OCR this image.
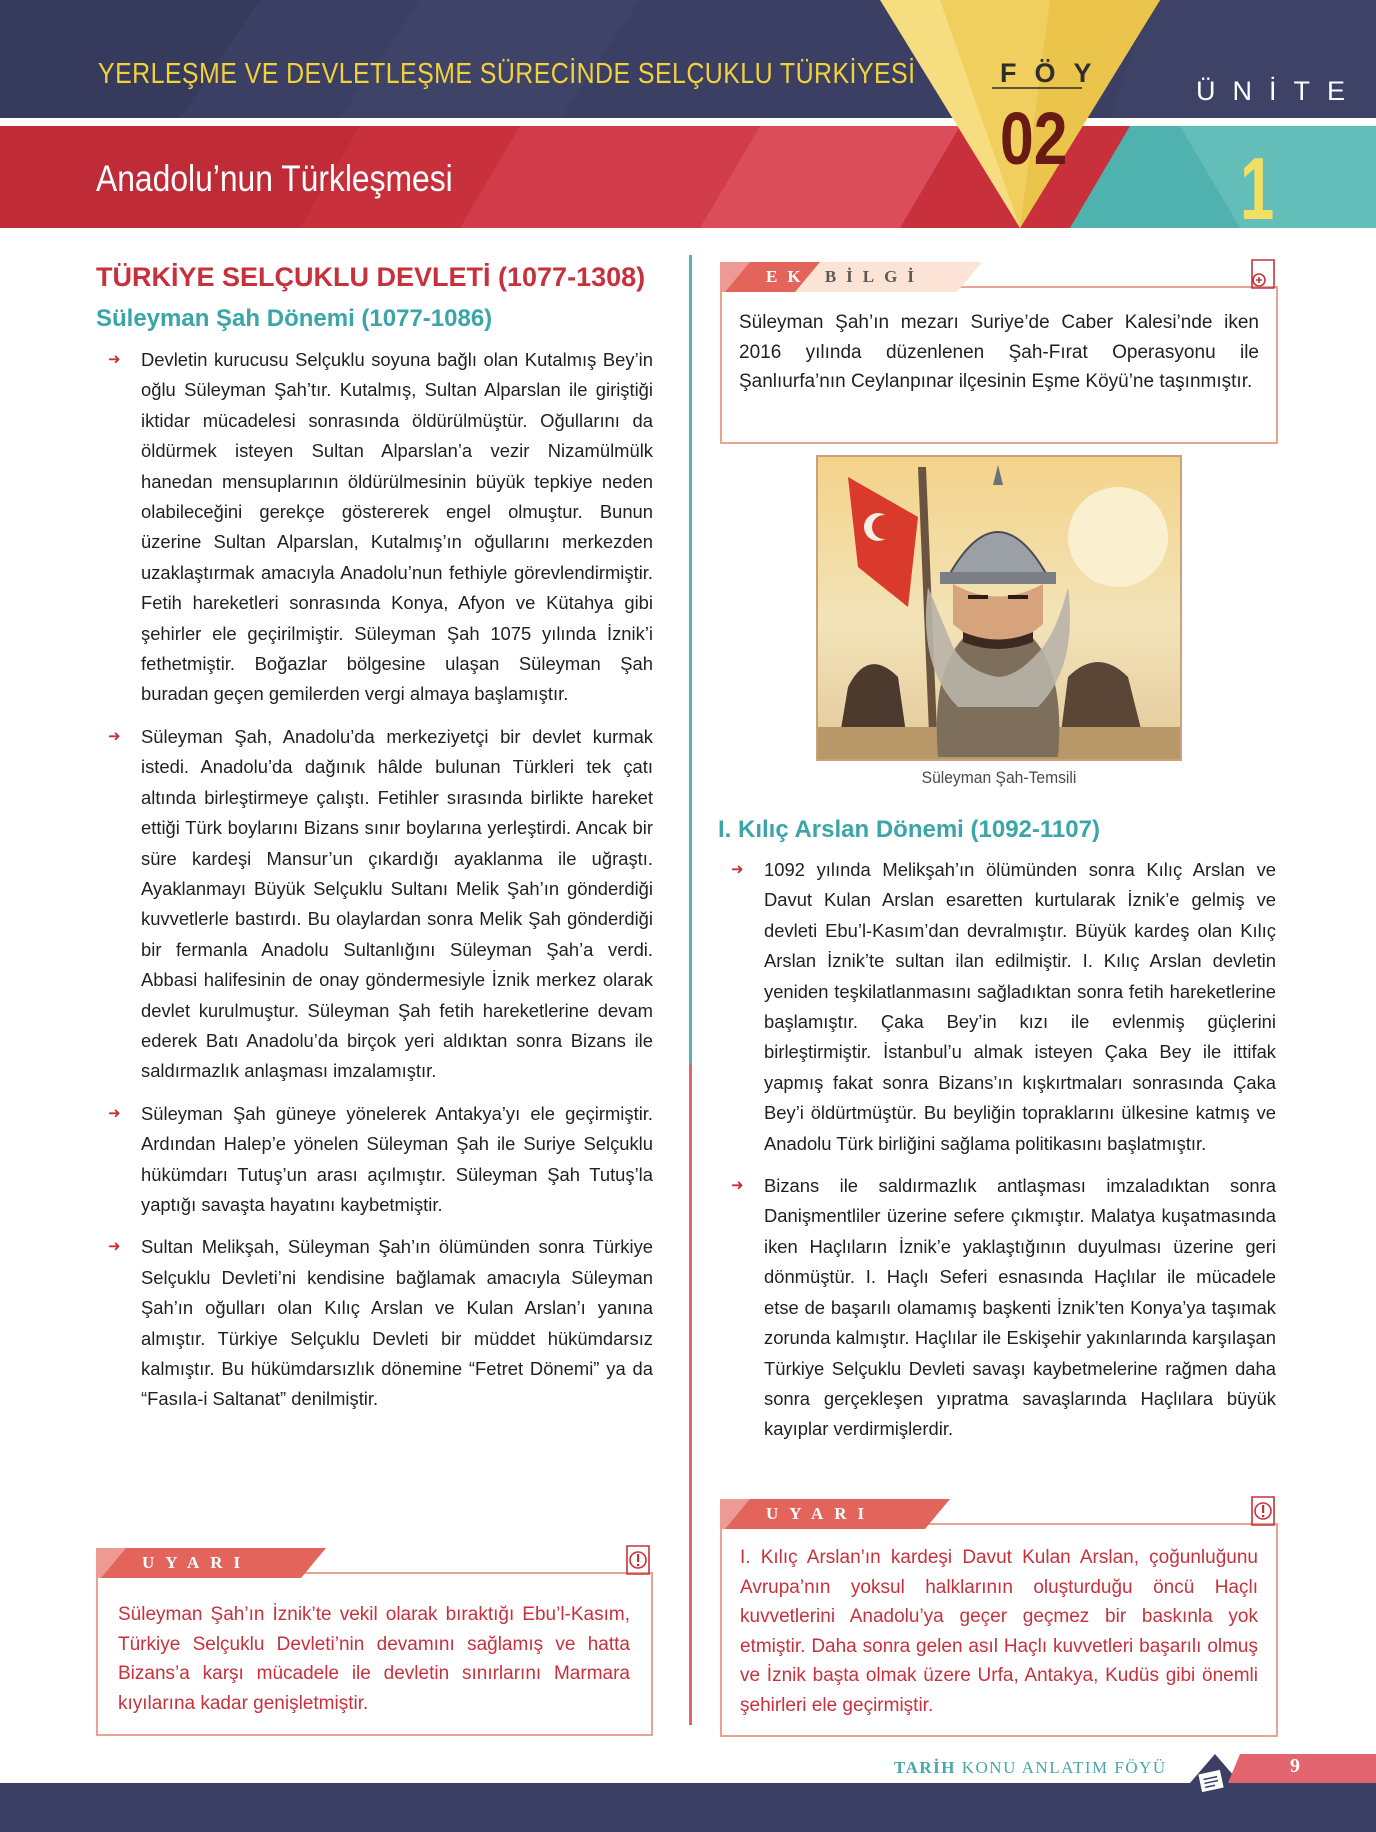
YERLEŞME VE DEVLETLEŞME SÜRECİNDE SELÇUKLU TÜRKİYESİ
Anadolu’nun Türkleşmesi
FÖY
02
ÜNİTE
1
TÜRKİYE SELÇUKLU DEVLETİ (1077-1308)
Süleyman Şah Dönemi (1077-1086)
➜ Devletin kurucusu Selçuklu soyuna bağlı olan Kutalmış Bey’in oğlu Süleyman Şah’tır. Kutalmış, Sultan Alparslan ile giriştiği iktidar mücadelesi sonrasında öldürülmüştür. Oğullarını da öldürmek isteyen Sultan Alparslan’a vezir Nizamülmülk hanedan mensuplarının öldürülmesinin büyük tepkiye neden olabileceğini gerekçe göstererek engel olmuştur. Bunun üzerine Sultan Alparslan, Kutalmış’ın oğullarını merkezden uzaklaştırmak amacıyla Anadolu’nun fethiyle görevlendirmiştir. Fetih hareketleri sonrasında Konya, Afyon ve Kütahya gibi şehirler ele geçirilmiştir. Süleyman Şah 1075 yılında İznik’i fethetmiştir. Boğazlar bölgesine ulaşan Süleyman Şah buradan geçen gemilerden vergi almaya başlamıştır.
➜ Süleyman Şah, Anadolu’da merkeziyetçi bir devlet kurmak istedi. Anadolu’da dağınık hâlde bulunan Türkleri tek çatı altında birleştirmeye çalıştı. Fetihler sırasında birlikte hareket ettiği Türk boylarını Bizans sınır boylarına yerleştirdi. Ancak bir süre kardeşi Mansur’un çıkardığı ayaklanma ile uğraştı. Ayaklanmayı Büyük Selçuklu Sultanı Melik Şah’ın gönderdiği kuvvetlerle bastırdı. Bu olaylardan sonra Melik Şah gönderdiği bir fermanla Anadolu Sultanlığını Süleyman Şah’a verdi. Abbasi halifesinin de onay göndermesiyle İznik merkez olarak devlet kurulmuştur. Süleyman Şah fetih hareketlerine devam ederek Batı Anadolu’da birçok yeri aldıktan sonra Bizans ile saldırmazlık anlaşması imzalamıştır.
➜ Süleyman Şah güneye yönelerek Antakya’yı ele geçirmiştir. Ardından Halep’e yönelen Süleyman Şah ile Suriye Selçuklu hükümdarı Tutuş’un arası açılmıştır. Süleyman Şah Tutuş’la yaptığı savaşta hayatını kaybetmiştir.
➜ Sultan Melikşah, Süleyman Şah’ın ölümünden sonra Türkiye Selçuklu Devleti’ni kendisine bağlamak amacıyla Süleyman Şah’ın oğulları olan Kılıç Arslan ve Kulan Arslan’ı yanına almıştır. Türkiye Selçuklu Devleti bir müddet hükümdarsız kalmıştır. Bu hükümdarsızlık dönemine “Fetret Dönemi” ya da “Fasıla-i Saltanat” denilmiştir.
UYARI
Süleyman Şah’ın İznik’te vekil olarak bıraktığı Ebu’l-Kasım, Türkiye Selçuklu Devleti’nin devamını sağlamış ve hatta Bizans’a karşı mücadele ile devletin sınırlarını Marmara kıyılarına kadar genişletmiştir.
EK BİLGİ
Süleyman Şah’ın mezarı Suriye’de Caber Kalesi’nde iken 2016 yılında düzenlenen Şah-Fırat Operasyonu ile Şanlıurfa’nın Ceylanpınar ilçesinin Eşme Köyü’ne taşınmıştır.
Süleyman Şah-Temsili
I. Kılıç Arslan Dönemi (1092-1107)
➜ 1092 yılında Melikşah’ın ölümünden sonra Kılıç Arslan ve Davut Kulan Arslan esaretten kurtularak İznik’e gelmiş ve devleti Ebu’l-Kasım’dan devralmıştır. Büyük kardeş olan Kılıç Arslan İznik’te sultan ilan edilmiştir. I. Kılıç Arslan devletin yeniden teşkilatlanmasını sağladıktan sonra fetih hareketlerine başlamıştır. Çaka Bey’in kızı ile evlenmiş güçlerini birleştirmiştir. İstanbul’u almak isteyen Çaka Bey ile ittifak yapmış fakat sonra Bizans’ın kışkırtmaları sonrasında Çaka Bey’i öldürtmüştür. Bu beyliğin topraklarını ülkesine katmış ve Anadolu Türk birliğini sağlama politikasını başlatmıştır.
➜ Bizans ile saldırmazlık antlaşması imzaladıktan sonra Danişmentliler üzerine sefere çıkmıştır. Malatya kuşatmasında iken Haçlıların İznik’e yaklaştığının duyulması üzerine geri dönmüştür. I. Haçlı Seferi esnasında Haçlılar ile mücadele etse de başarılı olamamış başkenti İznik’ten Konya’ya taşımak zorunda kalmıştır. Haçlılar ile Eskişehir yakınlarında karşılaşan Türkiye Selçuklu Devleti savaşı kaybetmelerine rağmen daha sonra gerçekleşen yıpratma savaşlarında Haçlılara büyük kayıplar verdirmişlerdir.
UYARI
I. Kılıç Arslan’ın kardeşi Davut Kulan Arslan, çoğunluğunu Avrupa’nın yoksul halklarının oluşturduğu öncü Haçlı kuvvetlerini Anadolu’ya geçer geçmez bir baskınla yok etmiştir. Daha sonra gelen asıl Haçlı kuvvetleri başarılı olmuş ve İznik başta olmak üzere Urfa, Antakya, Kudüs gibi önemli şehirleri ele geçirmiştir.
TARİH KONU ANLATIM FÖYÜ	9
